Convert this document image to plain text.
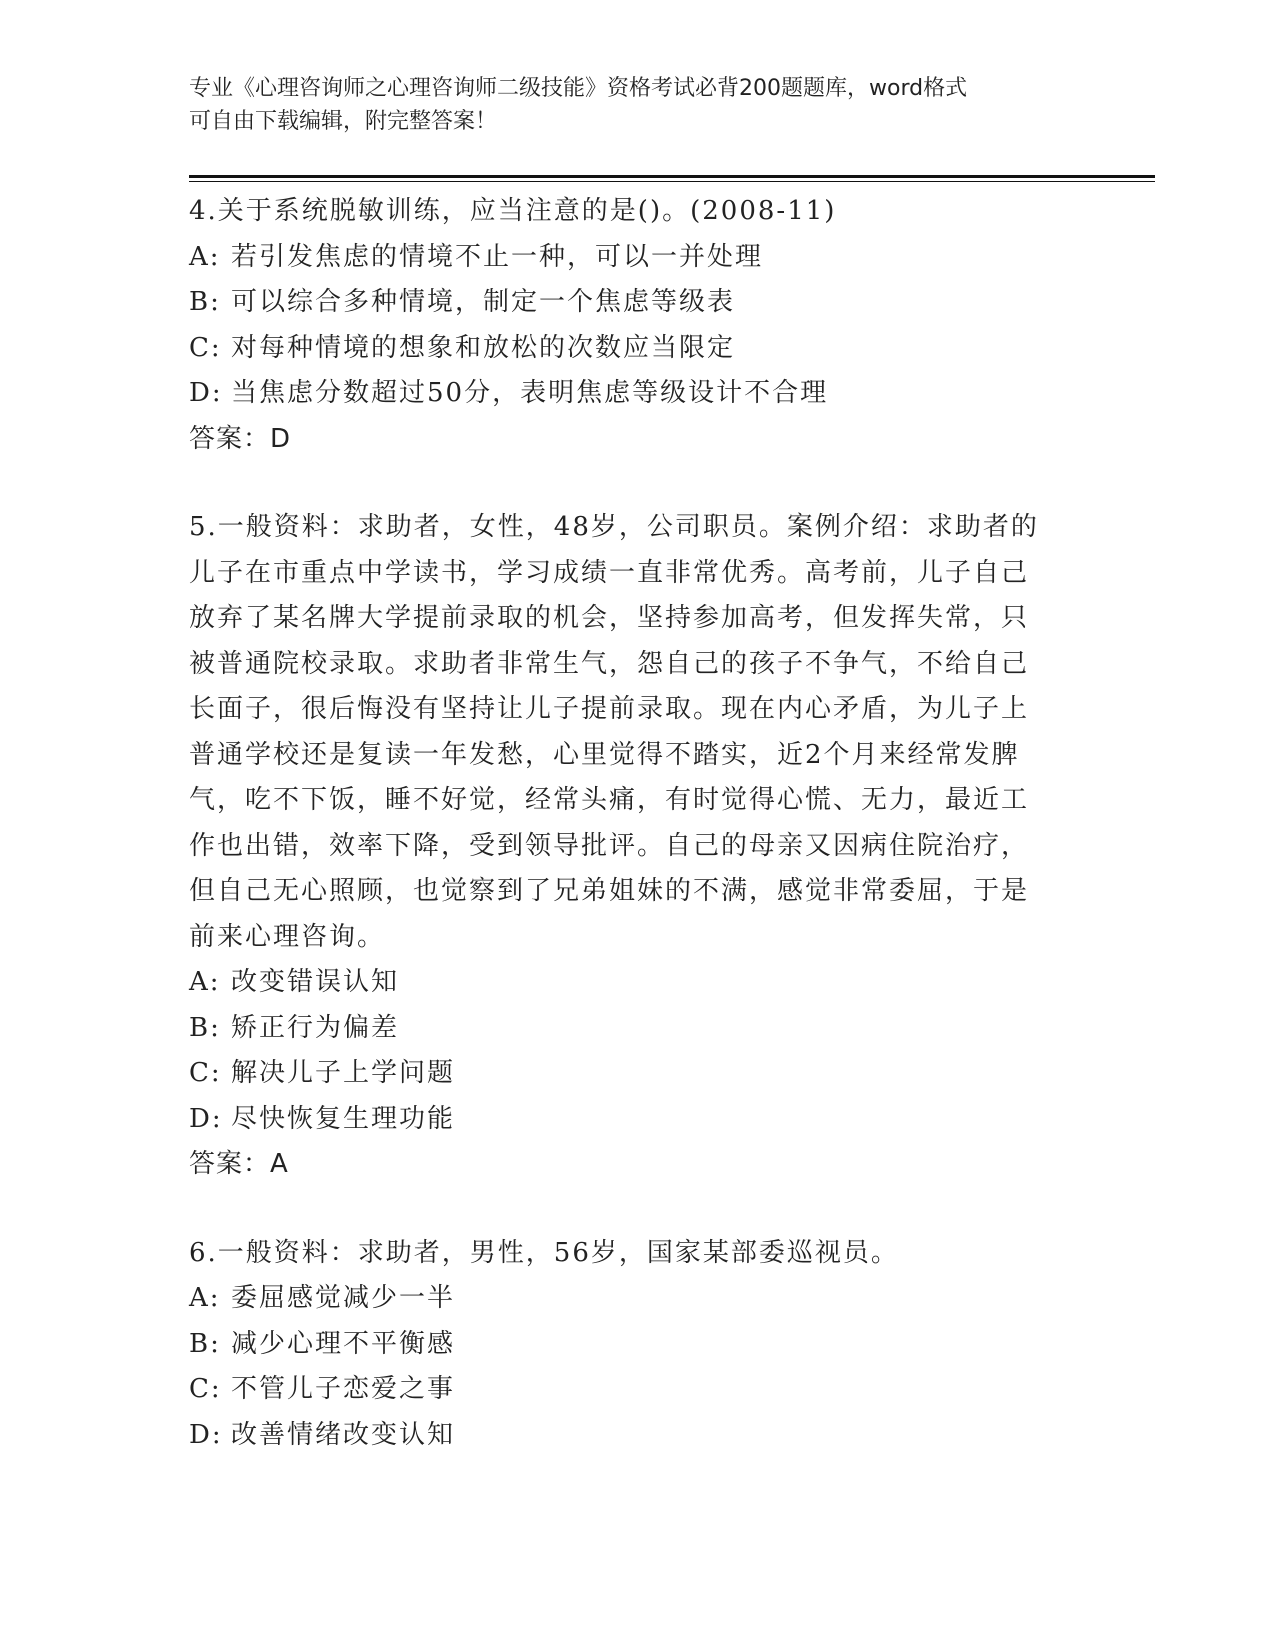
专业《心理咨询师之心理咨询师二级技能》资格考试必背200题题库，word格式
可自由下载编辑，附完整答案！
4.关于系统脱敏训练，应当注意的是()。(2008-11)
A: 若引发焦虑的情境不止一种，可以一并处理
B: 可以综合多种情境，制定一个焦虑等级表
C: 对每种情境的想象和放松的次数应当限定
D: 当焦虑分数超过50分，表明焦虑等级设计不合理
答案：D
5.一般资料：求助者，女性，48岁，公司职员。案例介绍：求助者的
儿子在市重点中学读书，学习成绩一直非常优秀。高考前，儿子自己
放弃了某名牌大学提前录取的机会，坚持参加高考，但发挥失常，只
被普通院校录取。求助者非常生气，怨自己的孩子不争气，不给自己
长面子，很后悔没有坚持让儿子提前录取。现在内心矛盾，为儿子上
普通学校还是复读一年发愁，心里觉得不踏实，近2个月来经常发脾
气，吃不下饭，睡不好觉，经常头痛，有时觉得心慌、无力，最近工
作也出错，效率下降，受到领导批评。自己的母亲又因病住院治疗，
但自己无心照顾，也觉察到了兄弟姐妹的不满，感觉非常委屈，于是
前来心理咨询。
A: 改变错误认知
B: 矫正行为偏差
C: 解决儿子上学问题
D: 尽快恢复生理功能
答案：A
6.一般资料：求助者，男性，56岁，国家某部委巡视员。
A: 委屈感觉减少一半
B: 减少心理不平衡感
C: 不管儿子恋爱之事
D: 改善情绪改变认知
